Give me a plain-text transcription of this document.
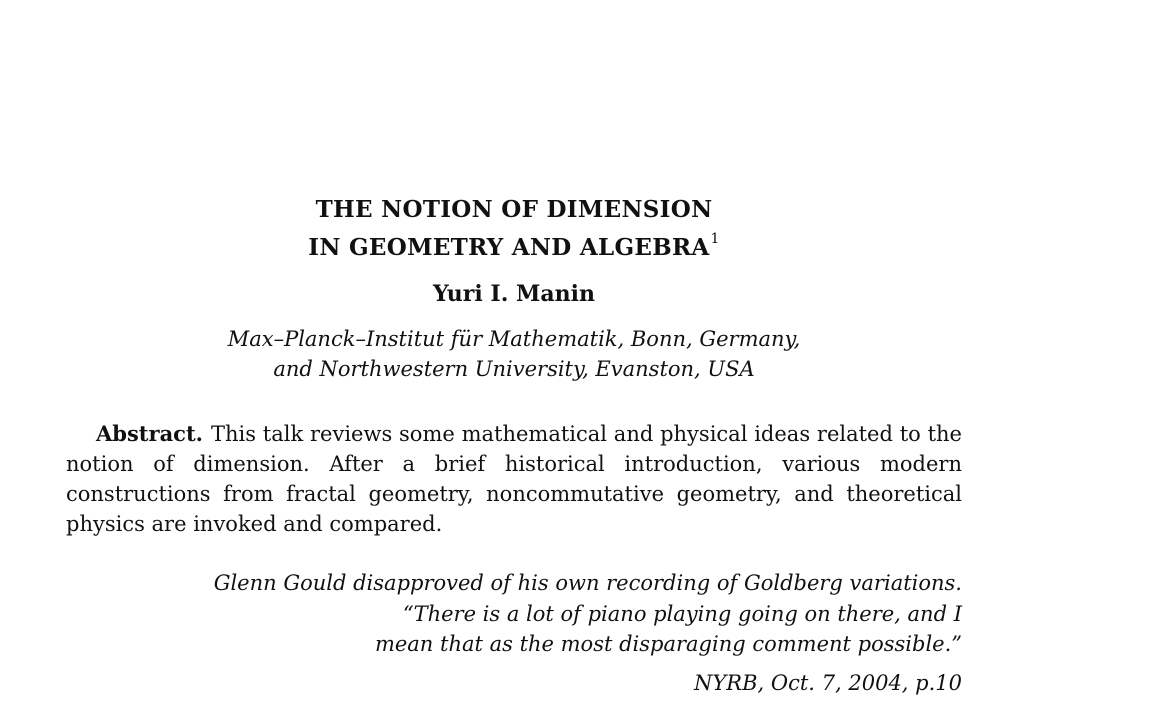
THE NOTION OF DIMENSION
IN GEOMETRY AND ALGEBRA$^1$

Yuri I. Manin

Max–Planck–Institut für Mathematik, Bonn, Germany,

and Northwestern University, Evanston, USA

Abstract. This talk reviews some mathematical and physical ideas related to the notion of dimension. After a brief historical introduction, various modern constructions from fractal geometry, noncommutative geometry, and theoretical physics are invoked and compared.

Glenn Gould disapproved of his own recording of Goldberg variations.

“There is a lot of piano playing going on there, and I

mean that as the most disparaging comment possible.”

NYRB, Oct. 7, 2004, p.10
